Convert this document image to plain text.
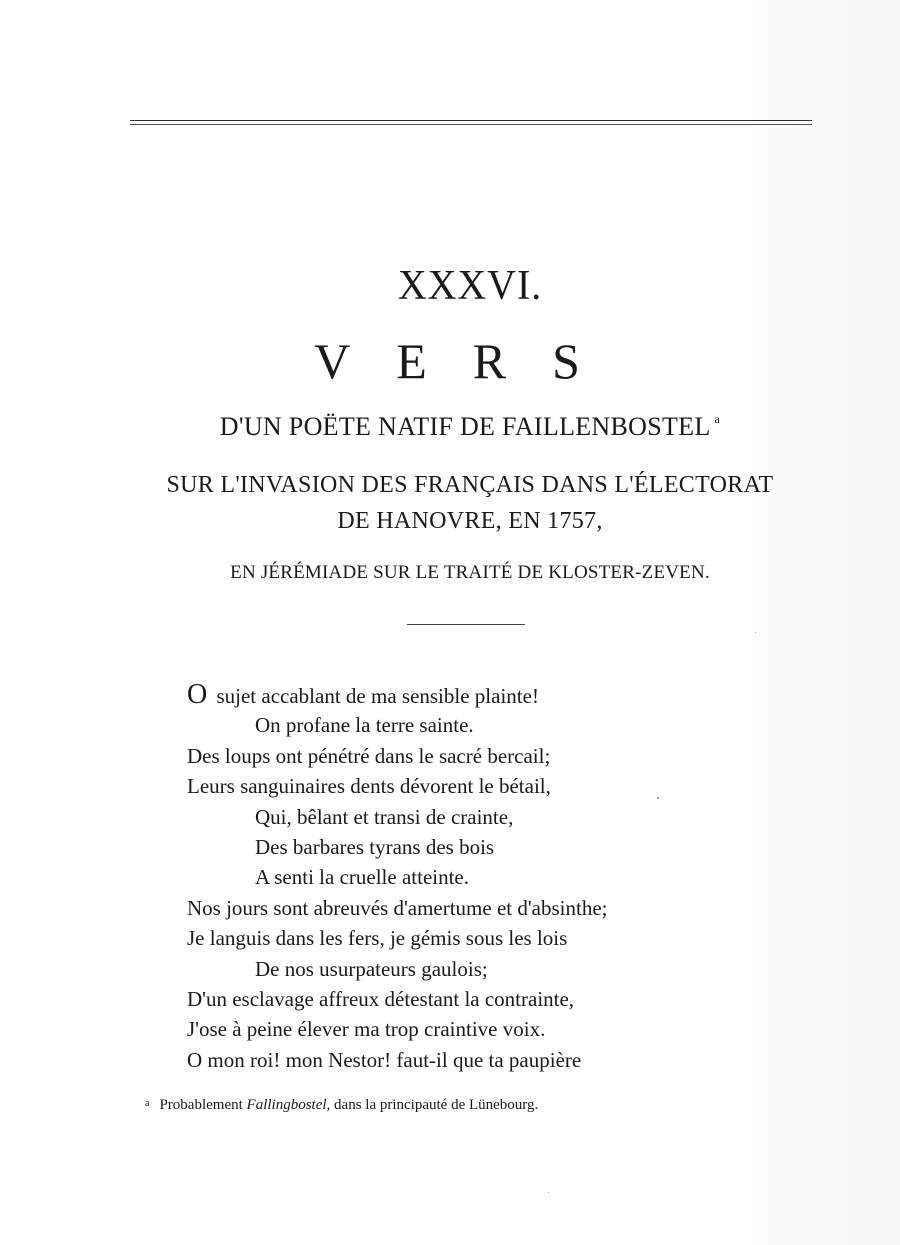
XXXVI.
VERS
D'UN POËTE NATIF DE FAILLENBOSTEL $^a$
SUR L'INVASION DES FRANÇAIS DANS L'ÉLECTORAT
DE HANOVRE, EN 1757,
EN JÉRÉMIADE SUR LE TRAITÉ DE KLOSTER-ZEVEN.
O sujet accablant de ma sensible plainte!
On profane la terre sainte.
Des loups ont pénétré dans le sacré bercail;
Leurs sanguinaires dents dévorent le bétail,
Qui, bêlant et transi de crainte,
Des barbares tyrans des bois
A senti la cruelle atteinte.
Nos jours sont abreuvés d'amertume et d'absinthe;
Je languis dans les fers, je gémis sous les lois
De nos usurpateurs gaulois;
D'un esclavage affreux détestant la contrainte,
J'ose à peine élever ma trop craintive voix.
O mon roi! mon Nestor! faut-il que ta paupière
$^a$ Probablement Fallingbostel, dans la principauté de Lünebourg.
